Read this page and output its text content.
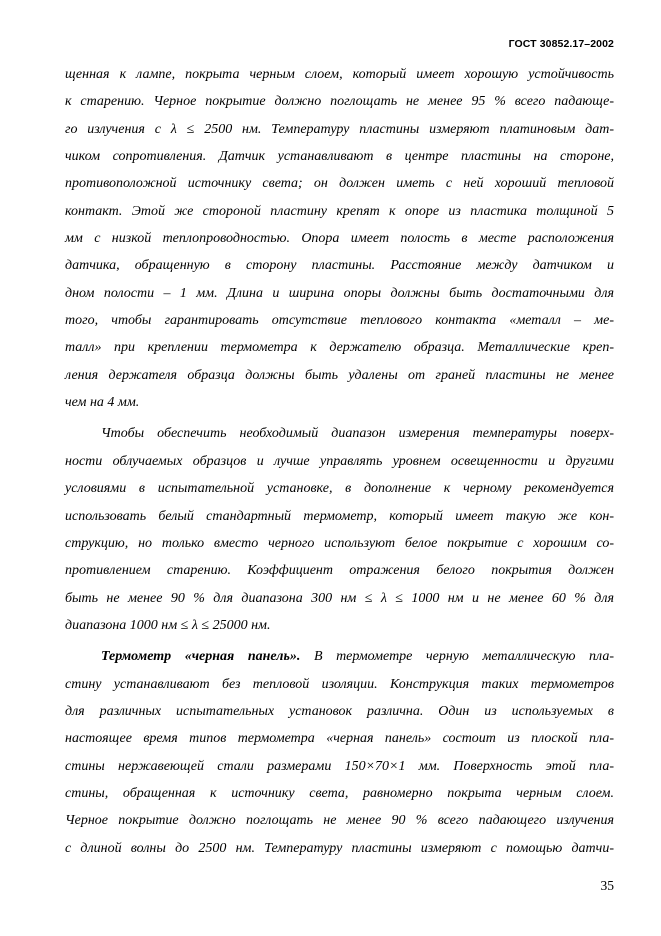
ГОСТ 30852.17–2002

щенная к лампе, покрыта черным слоем, который имеет хорошую устойчивость
к старению. Черное покрытие должно поглощать не менее 95 % всего падающе-
го излучения с λ ≤ 2500 нм. Температуру пластины измеряют платиновым дат-
чиком сопротивления. Датчик устанавливают в центре пластины на стороне,
противоположной источнику света; он должен иметь с ней хороший тепловой
контакт. Этой же стороной пластину крепят к опоре из пластика толщиной 5
мм с низкой теплопроводностью. Опора имеет полость в месте расположения
датчика, обращенную в сторону пластины. Расстояние между датчиком и
дном полости – 1 мм. Длина и ширина опоры должны быть достаточными для
того, чтобы гарантировать отсутствие теплового контакта «металл – ме-
талл» при креплении термометра к держателю образца. Металлические креп-
ления держателя образца должны быть удалены от граней пластины не менее
чем на 4 мм.

Чтобы обеспечить необходимый диапазон измерения температуры поверх-
ности облучаемых образцов и лучше управлять уровнем освещенности и другими
условиями в испытательной установке, в дополнение к черному рекомендуется
использовать белый стандартный термометр, который имеет такую же кон-
струкцию, но только вместо черного используют белое покрытие с хорошим со-
противлением старению. Коэффициент отражения белого покрытия должен
быть не менее 90 % для диапазона 300 нм ≤ λ ≤ 1000 нм и не менее 60 % для
диапазона 1000 нм ≤ λ ≤ 25000 нм.

Термометр «черная панель». В термометре черную металлическую пла-
стину устанавливают без тепловой изоляции. Конструкция таких термометров
для различных испытательных установок различна. Один из используемых в
настоящее время типов термометра «черная панель» состоит из плоской пла-
стины нержавеющей стали размерами 150×70×1 мм. Поверхность этой пла-
стины, обращенная к источнику света, равномерно покрыта черным слоем.
Черное покрытие должно поглощать не менее 90 % всего падающего излучения
с длиной волны до 2500 нм. Температуру пластины измеряют с помощью датчи-

35
